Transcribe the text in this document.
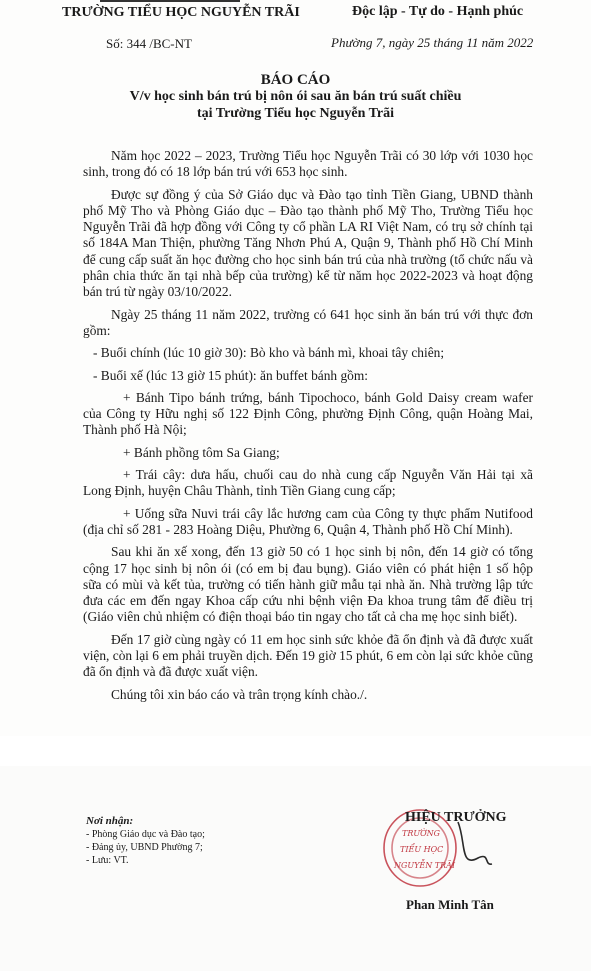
TRƯỜNG TIỂU HỌC NGUYỄN TRÃI	Độc lập - Tự do - Hạnh phúc
Số: 344 /BC-NT	Phường 7, ngày 25 tháng 11 năm 2022
BÁO CÁO
V/v học sinh bán trú bị nôn ói sau ăn bán trú suất chiều
tại Trường Tiểu học Nguyễn Trãi

Năm học 2022 – 2023, Trường Tiểu học Nguyễn Trãi có 30 lớp với 1030 học sinh, trong đó có 18 lớp bán trú với 653 học sinh.

Được sự đồng ý của Sở Giáo dục và Đào tạo tỉnh Tiền Giang, UBND thành phố Mỹ Tho và Phòng Giáo dục – Đào tạo thành phố Mỹ Tho, Trường Tiểu học Nguyễn Trãi đã hợp đồng với Công ty cổ phần LA RI Việt Nam, có trụ sở chính tại số 184A Man Thiện, phường Tăng Nhơn Phú A, Quận 9, Thành phố Hồ Chí Minh để cung cấp suất ăn học đường cho học sinh bán trú của nhà trường (tổ chức nấu và phân chia thức ăn tại nhà bếp của trường) kể từ năm học 2022-2023 và hoạt động bán trú từ ngày 03/10/2022.

Ngày 25 tháng 11 năm 2022, trường có 641 học sinh ăn bán trú với thực đơn gồm:

- Buổi chính (lúc 10 giờ 30): Bò kho và bánh mì, khoai tây chiên;

- Buổi xế (lúc 13 giờ 15 phút): ăn buffet bánh gồm:

+ Bánh Tipo bánh trứng, bánh Tipochoco, bánh Gold Daisy cream wafer của Công ty Hữu nghị số 122 Định Công, phường Định Công, quận Hoàng Mai, Thành phố Hà Nội;

+ Bánh phồng tôm Sa Giang;

+ Trái cây: dưa hấu, chuối cau do nhà cung cấp Nguyễn Văn Hải tại xã Long Định, huyện Châu Thành, tỉnh Tiền Giang cung cấp;

+ Uống sữa Nuvi trái cây lắc hương cam của Công ty thực phẩm Nutifood (địa chỉ số 281 - 283 Hoàng Diệu, Phường 6, Quận 4, Thành phố Hồ Chí Minh).

Sau khi ăn xế xong, đến 13 giờ 50 có 1 học sinh bị nôn, đến 14 giờ có tổng cộng 17 học sinh bị nôn ói (có em bị đau bụng). Giáo viên có phát hiện 1 số hộp sữa có mùi và kết tủa, trường có tiến hành giữ mẫu tại nhà ăn. Nhà trường lập tức đưa các em đến ngay Khoa cấp cứu nhi bệnh viện Đa khoa trung tâm để điều trị (Giáo viên chủ nhiệm có điện thoại báo tin ngay cho tất cả cha mẹ học sinh biết).

Đến 17 giờ cùng ngày có 11 em học sinh sức khỏe đã ổn định và đã được xuất viện, còn lại 6 em phải truyền dịch. Đến 19 giờ 15 phút, 6 em còn lại sức khỏe cũng đã ổn định và đã được xuất viện.

Chúng tôi xin báo cáo và trân trọng kính chào./.

Nơi nhận:
- Phòng Giáo dục và Đào tạo;
- Đảng ủy, UBND Phường 7;
- Lưu: VT.
TRƯỜNG
TIỂU HỌC
NGUYỄN TRÃI
HIỆU TRƯỞNG
Phan Minh Tân
